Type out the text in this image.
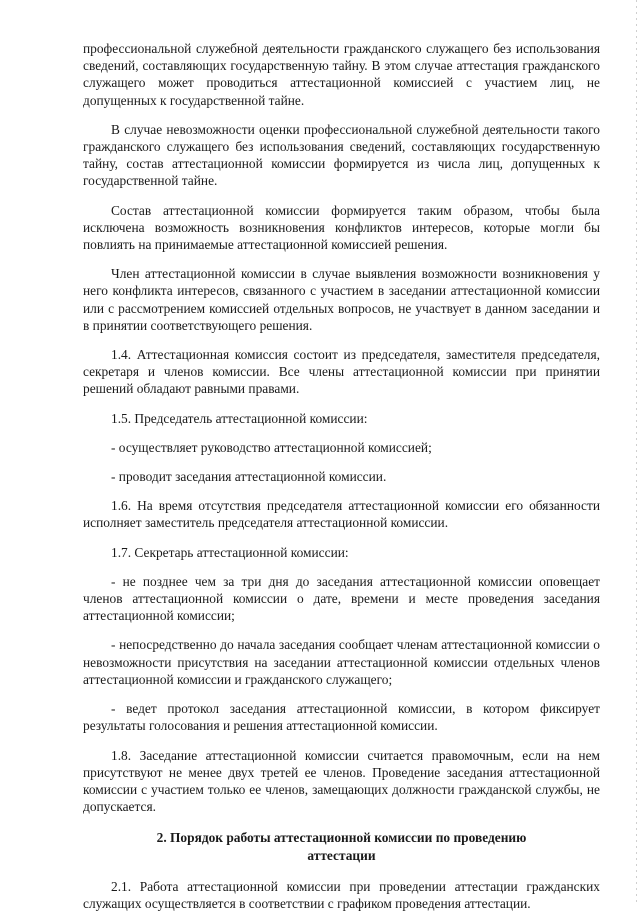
профессиональной служебной деятельности гражданского служащего без использования сведений, составляющих государственную тайну. В этом случае аттестация гражданского служащего может проводиться аттестационной комиссией с участием лиц, не допущенных к государственной тайне.

В случае невозможности оценки профессиональной служебной деятельности такого гражданского служащего без использования сведений, составляющих государственную тайну, состав аттестационной комиссии формируется из числа лиц, допущенных к государственной тайне.

Состав аттестационной комиссии формируется таким образом, чтобы была исключена возможность возникновения конфликтов интересов, которые могли бы повлиять на принимаемые аттестационной комиссией решения.

Член аттестационной комиссии в случае выявления возможности возникновения у него конфликта интересов, связанного с участием в заседании аттестационной комиссии или с рассмотрением комиссией отдельных вопросов, не участвует в данном заседании и в принятии соответствующего решения.

1.4. Аттестационная комиссия состоит из председателя, заместителя председателя, секретаря и членов комиссии. Все члены аттестационной комиссии при принятии решений обладают равными правами.

1.5. Председатель аттестационной комиссии:

- осуществляет руководство аттестационной комиссией;

- проводит заседания аттестационной комиссии.

1.6. На время отсутствия председателя аттестационной комиссии его обязанности исполняет заместитель председателя аттестационной комиссии.

1.7. Секретарь аттестационной комиссии:

- не позднее чем за три дня до заседания аттестационной комиссии оповещает членов аттестационной комиссии о дате, времени и месте проведения заседания аттестационной комиссии;

- непосредственно до начала заседания сообщает членам аттестационной комиссии о невозможности присутствия на заседании аттестационной комиссии отдельных членов аттестационной комиссии и гражданского служащего;

- ведет протокол заседания аттестационной комиссии, в котором фиксирует результаты голосования и решения аттестационной комиссии.

1.8. Заседание аттестационной комиссии считается правомочным, если на нем присутствуют не менее двух третей ее членов. Проведение заседания аттестационной комиссии с участием только ее членов, замещающих должности гражданской службы, не допускается.

2. Порядок работы аттестационной комиссии по проведению
аттестации

2.1. Работа аттестационной комиссии при проведении аттестации гражданских служащих осуществляется в соответствии с графиком проведения аттестации.
